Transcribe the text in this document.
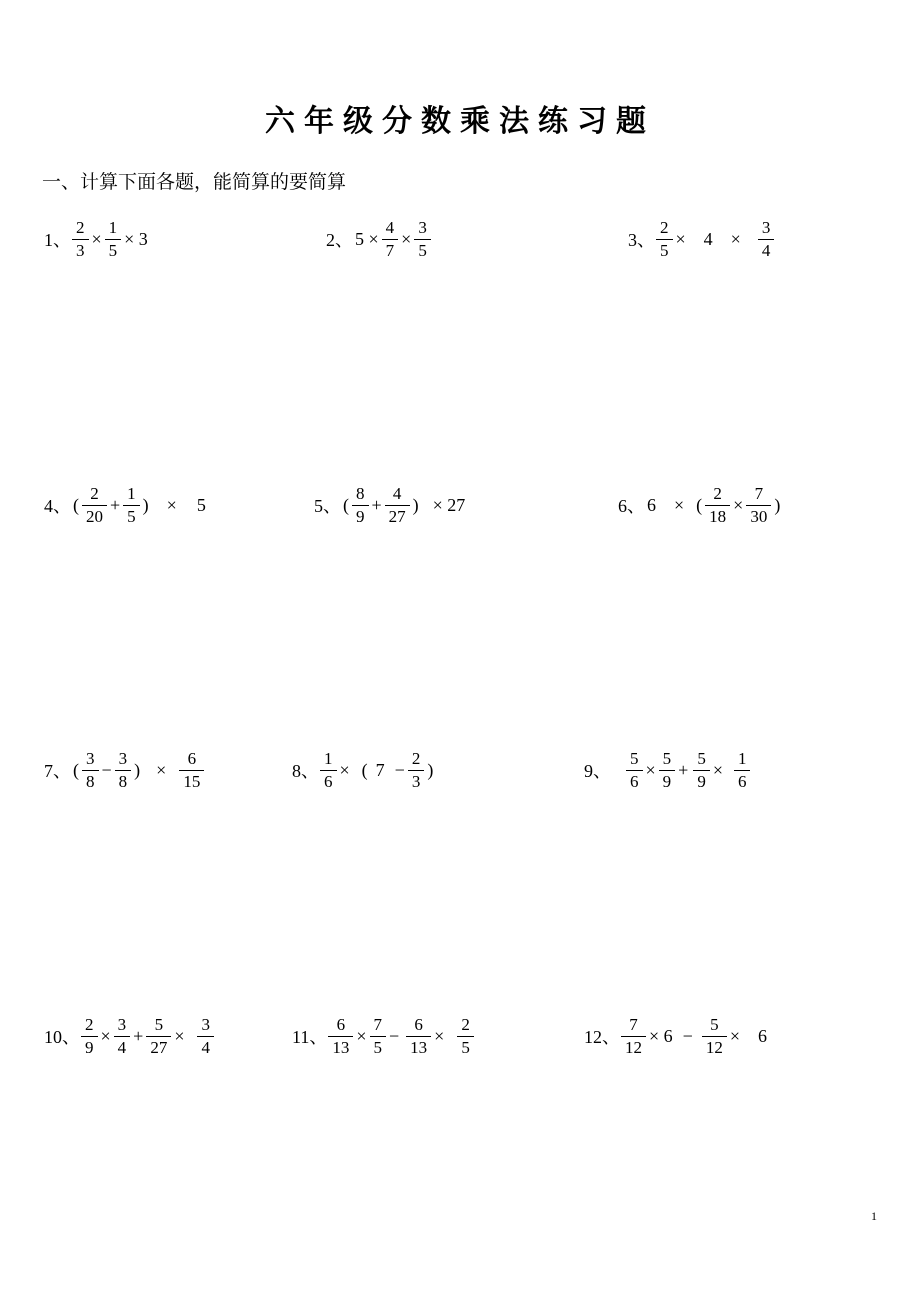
六年级分数乘法练习题
一、计算下面各题，能简算的要简算
1、 $\frac{2}{3} \times \frac{1}{5} \times 3$	2、 $5 \times \frac{4}{7} \times \frac{3}{5}$	3、 $\frac{2}{5} \times 4 \times \frac{3}{4}$
4、 ( $\frac{2}{20} + \frac{1}{5}$ ) × 5	5、 ( $\frac{8}{9} + \frac{4}{27}$ ) × 27	6、 6 × ( $\frac{2}{18} \times \frac{7}{30}$ )
7、 ( $\frac{3}{8} - \frac{3}{8}$ ) × $\frac{6}{15}$	8、 $\frac{1}{6}$ × ( $7 - \frac{2}{3}$ )	9、 $\frac{5}{6} \times \frac{5}{9} + \frac{5}{9} \times \frac{1}{6}$
10、 $\frac{2}{9} \times \frac{3}{4} + \frac{5}{27} \times \frac{3}{4}$	11、 $\frac{6}{13} \times \frac{7}{5} - \frac{6}{13} \times \frac{2}{5}$	12、 $\frac{7}{12} \times 6 - \frac{5}{12} \times 6$
1
